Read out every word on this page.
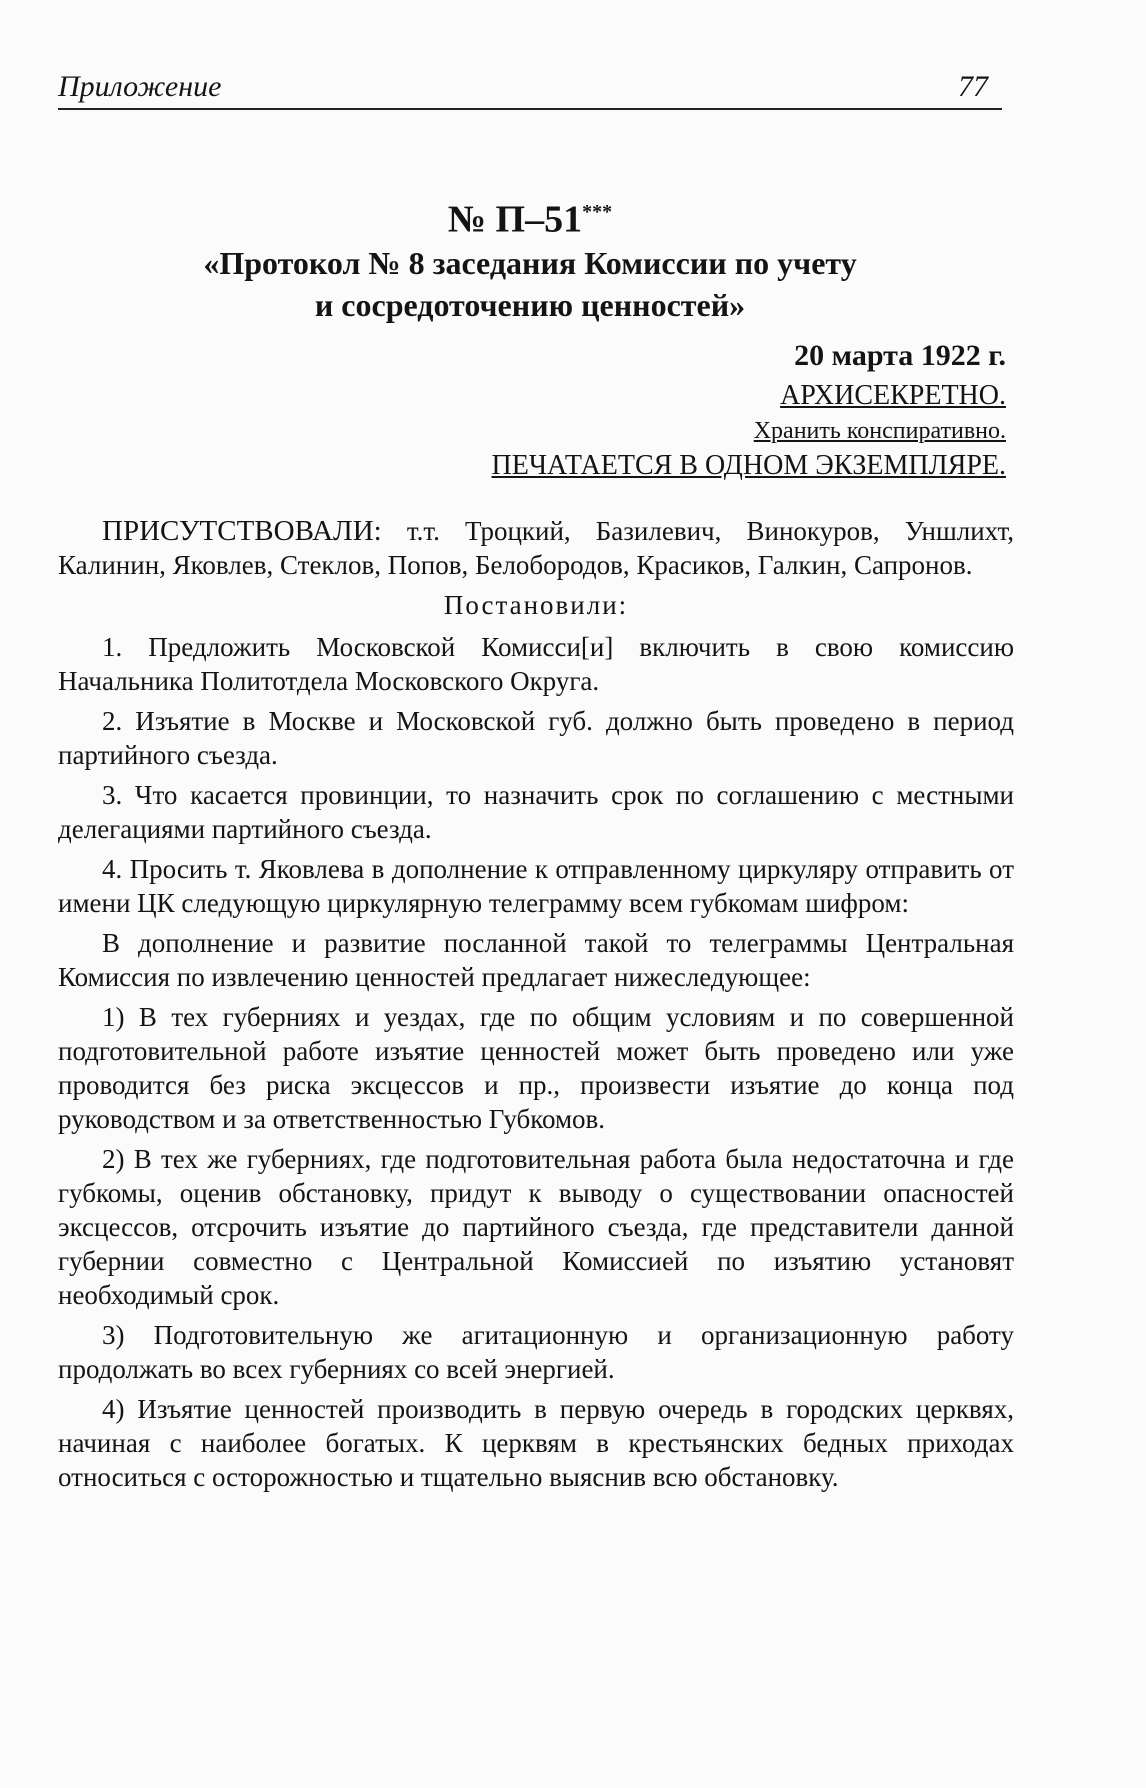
Приложение	77
№ П–51***
«Протокол № 8 заседания Комиссии по учету
и сосредоточению ценностей»
20 марта 1922 г.
АРХИСЕКРЕТНО.
Хранить конспиративно.
ПЕЧАТАЕТСЯ В ОДНОМ ЭКЗЕМПЛЯРЕ.

ПРИСУТСТВОВАЛИ: т.т. Троцкий, Базилевич, Винокуров, Уншлихт, Калинин, Яковлев, Стеклов, Попов, Белобородов, Красиков, Галкин, Сапронов.

Постановили:

1. Предложить Московской Комисси[и] включить в свою комиссию Начальника Политотдела Московского Округа.

2. Изъятие в Москве и Московской губ. должно быть проведено в период партийного съезда.

3. Что касается провинции, то назначить срок по соглашению с местными делегациями партийного съезда.

4. Просить т. Яковлева в дополнение к отправленному циркуляру отправить от имени ЦК следующую циркулярную телеграмму всем губкомам шифром:

В дополнение и развитие посланной такой то телеграммы Центральная Комиссия по извлечению ценностей предлагает нижеследующее:

1) В тех губерниях и уездах, где по общим условиям и по совершенной подготовительной работе изъятие ценностей может быть проведено или уже проводится без риска эксцессов и пр., произвести изъятие до конца под руководством и за ответственностью Губкомов.

2) В тех же губерниях, где подготовительная работа была недостаточна и где губкомы, оценив обстановку, придут к выводу о существовании опасностей эксцессов, отсрочить изъятие до партийного съезда, где представители данной губернии совместно с Центральной Комиссией по изъятию установят необходимый срок.

3) Подготовительную же агитационную и организационную работу продолжать во всех губерниях со всей энергией.

4) Изъятие ценностей производить в первую очередь в городских церквях, начиная с наиболее богатых. К церквям в крестьянских бедных приходах относиться с осторожностью и тщательно выяснив всю обстановку.
